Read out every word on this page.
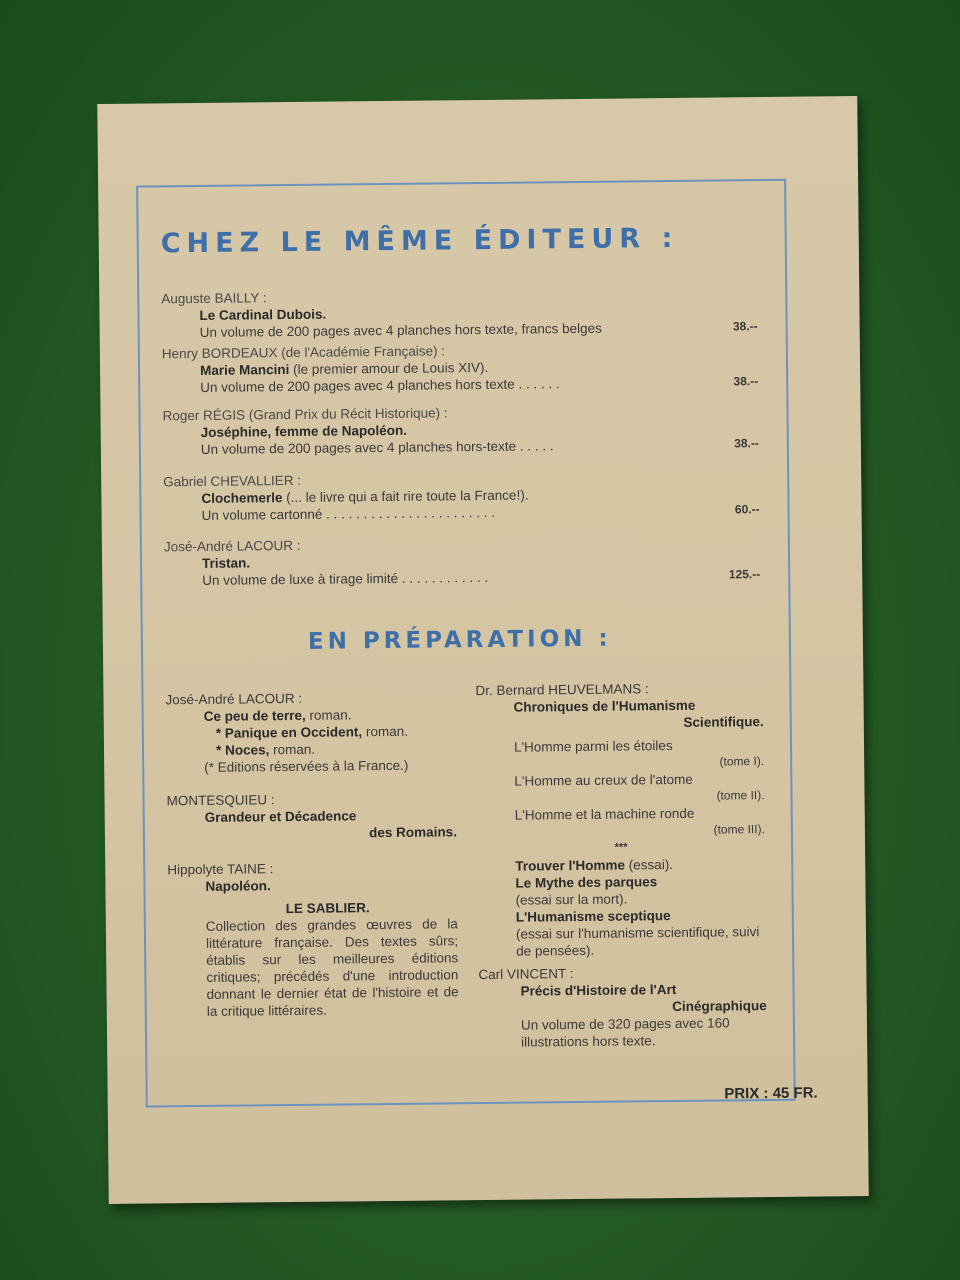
CHEZ LE MÊME ÉDITEUR :
Auguste BAILLY :
Le Cardinal Dubois.
Un volume de 200 pages avec 4 planches hors texte, francs belges	38.--
Henry BORDEAUX (de l'Académie Française) :
Marie Mancini (le premier amour de Louis XIV).
Un volume de 200 pages avec 4 planches hors texte . . . . . .	38.--
Roger RÉGIS (Grand Prix du Récit Historique) :
Joséphine, femme de Napoléon.
Un volume de 200 pages avec 4 planches hors-texte . . . . .	38.--
Gabriel CHEVALLIER :
Clochemerle (... le livre qui a fait rire toute la France!).
Un volume cartonné . . . . . . . . . . . . . . . . . . . . . . .	60.--
José-André LACOUR :
Tristan.
Un volume de luxe à tirage limité . . . . . . . . . . . .	125.--
EN PRÉPARATION :
José-André LACOUR :
Ce peu de terre, roman.
* Panique en Occident, roman.
* Noces, roman.
(* Editions réservées à la France.)
MONTESQUIEU :
Grandeur et Décadence
des Romains.
Hippolyte TAINE :
Napoléon.
LE SABLIER.
Collection des grandes œuvres de la littérature française. Des textes sûrs; établis sur les meilleures éditions critiques; précédés d'une introduction donnant le dernier état de l'histoire et de la critique littéraires.
Dr. Bernard HEUVELMANS :
Chroniques de l'Humanisme
Scientifique.
L'Homme parmi les étoiles
(tome I).
L'Homme au creux de l'atome
(tome II).
L'Homme et la machine ronde
(tome III).
***
Trouver l'Homme (essai).
Le Mythe des parques
(essai sur la mort).
L'Humanisme sceptique
(essai sur l'humanisme scientifique, suivi de pensées).
Carl VINCENT :
Précis d'Histoire de l'Art
Cinégraphique
Un volume de 320 pages avec 160 illustrations hors texte.
PRIX : 45 FR.
